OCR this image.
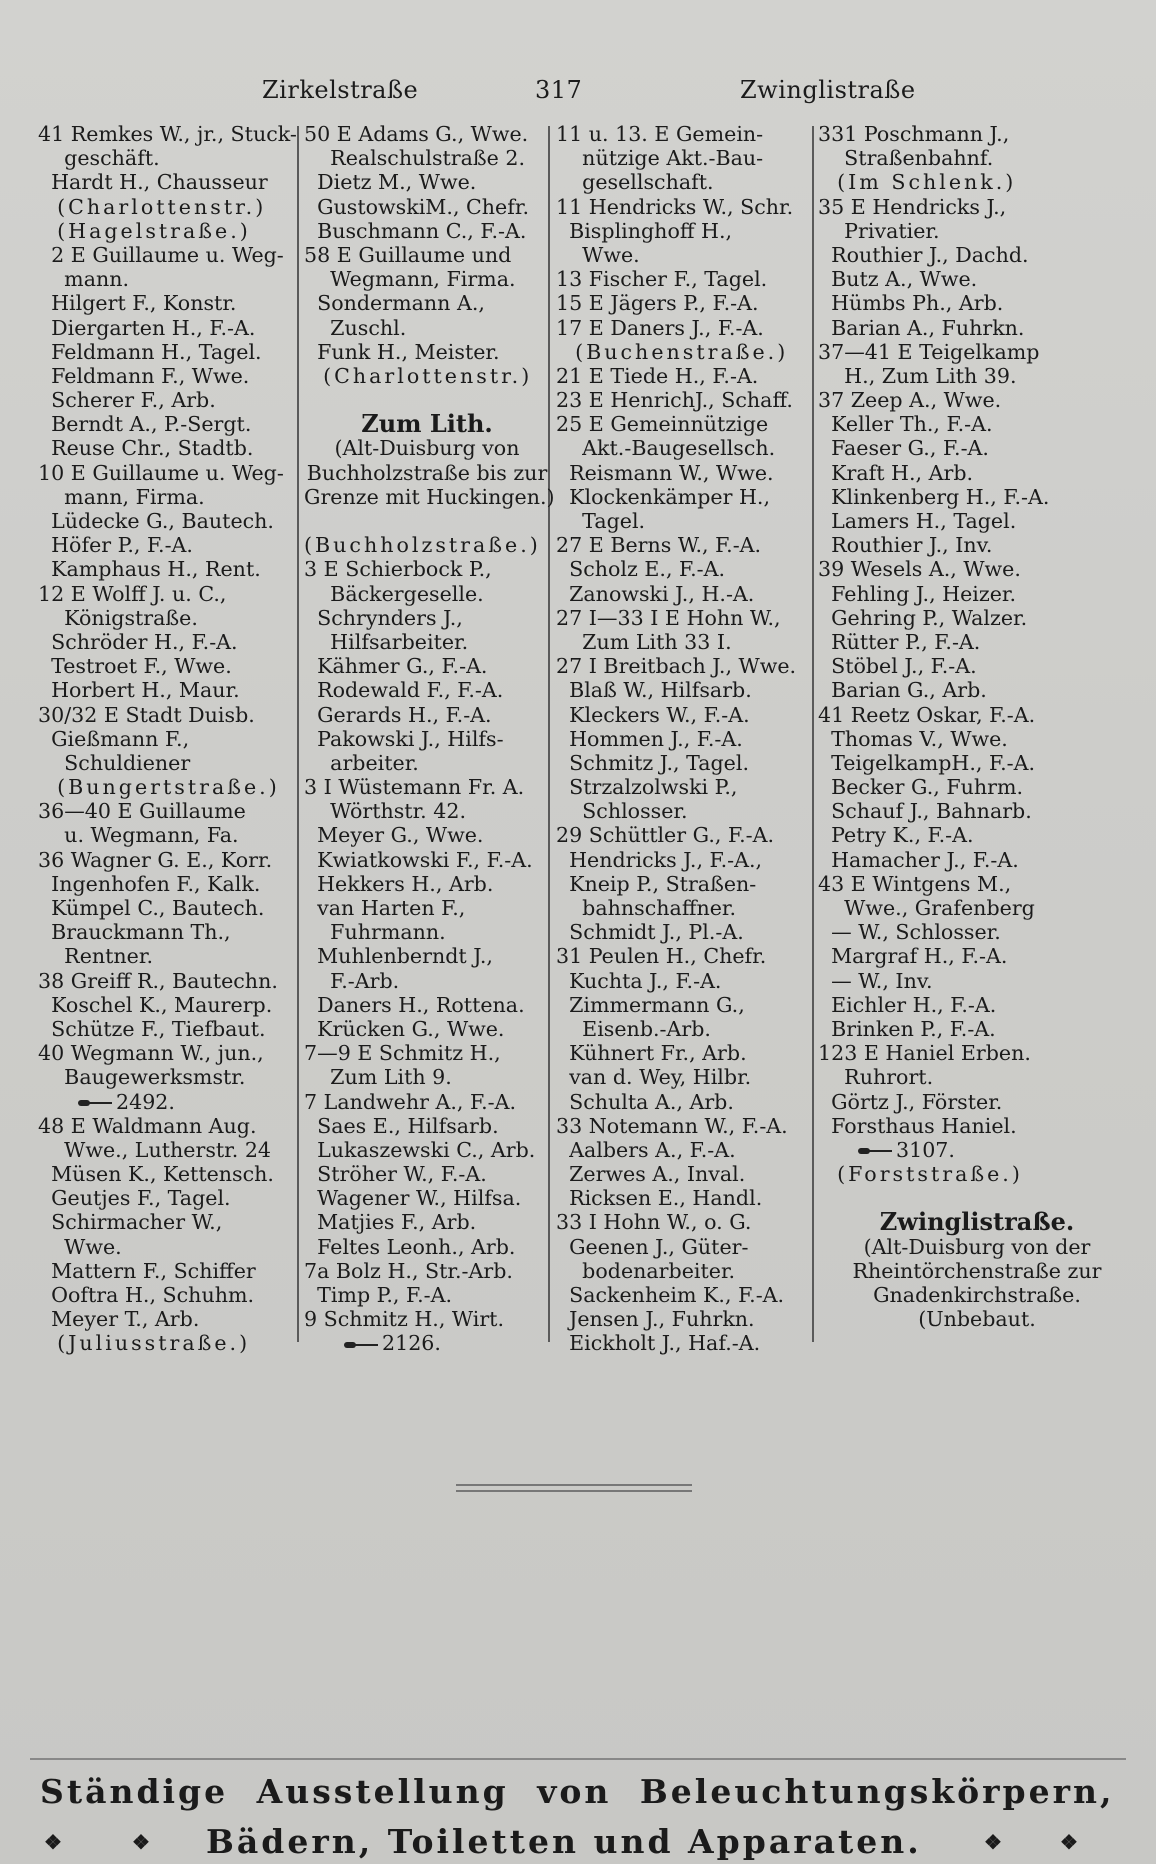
Zirkelstraße	317	Zwinglistraße
41 Remkes W., jr., Stuck-
geschäft.
Hardt H., Chausseur
(Charlottenstr.)
(Hagelstraße.)
2 E Guillaume u. Weg-
mann.
Hilgert F., Konstr.
Diergarten H., F.-A.
Feldmann H., Tagel.
Feldmann F., Wwe.
Scherer F., Arb.
Berndt A., P.-Sergt.
Reuse Chr., Stadtb.
10 E Guillaume u. Weg-
mann, Firma.
Lüdecke G., Bautech.
Höfer P., F.-A.
Kamphaus H., Rent.
12 E Wolff J. u. C.,
Königstraße.
Schröder H., F.-A.
Testroet F., Wwe.
Horbert H., Maur.
30/32 E Stadt Duisb.
Gießmann F.,
Schuldiener
(Bungertstraße.)
36—40 E Guillaume
u. Wegmann, Fa.
36 Wagner G. E., Korr.
Ingenhofen F., Kalk.
Kümpel C., Bautech.
Brauckmann Th.,
Rentner.
38 Greiff R., Bautechn.
Koschel K., Maurerp.
Schütze F., Tiefbaut.
40 Wegmann W., jun.,
Baugewerksmstr.
2492.
48 E Waldmann Aug.
Wwe., Lutherstr. 24
Müsen K., Kettensch.
Geutjes F., Tagel.
Schirmacher W.,
Wwe.
Mattern F., Schiffer
Ooftra H., Schuhm.
Meyer T., Arb.
(Juliusstraße.)
50 E Adams G., Wwe.
Realschulstraße 2.
Dietz M., Wwe.
GustowskiM., Chefr.
Buschmann C., F.-A.
58 E Guillaume und
Wegmann, Firma.
Sondermann A.,
Zuschl.
Funk H., Meister.
(Charlottenstr.)
Zum Lith.
(Alt-Duisburg von
Buchholzstraße bis zur
Grenze mit Huckingen.)
(Buchholzstraße.)
3 E Schierbock P.,
Bäckergeselle.
Schrynders J.,
Hilfsarbeiter.
Kähmer G., F.-A.
Rodewald F., F.-A.
Gerards H., F.-A.
Pakowski J., Hilfs-
arbeiter.
3 I Wüstemann Fr. A.
Wörthstr. 42.
Meyer G., Wwe.
Kwiatkowski F., F.-A.
Hekkers H., Arb.
van Harten F.,
Fuhrmann.
Muhlenberndt J.,
F.-Arb.
Daners H., Rottena.
Krücken G., Wwe.
7—9 E Schmitz H.,
Zum Lith 9.
7 Landwehr A., F.-A.
Saes E., Hilfsarb.
Lukaszewski C., Arb.
Ströher W., F.-A.
Wagener W., Hilfsa.
Matjies F., Arb.
Feltes Leonh., Arb.
7a Bolz H., Str.-Arb.
Timp P., F.-A.
9 Schmitz H., Wirt.
2126.
11 u. 13. E Gemein-
nützige Akt.-Bau-
gesellschaft.
11 Hendricks W., Schr.
Bisplinghoff H.,
Wwe.
13 Fischer F., Tagel.
15 E Jägers P., F.-A.
17 E Daners J., F.-A.
(Buchenstraße.)
21 E Tiede H., F.-A.
23 E HenrichJ., Schaff.
25 E Gemeinnützige
Akt.-Baugesellsch.
Reismann W., Wwe.
Klockenkämper H.,
Tagel.
27 E Berns W., F.-A.
Scholz E., F.-A.
Zanowski J., H.-A.
27 I—33 I E Hohn W.,
Zum Lith 33 I.
27 I Breitbach J., Wwe.
Blaß W., Hilfsarb.
Kleckers W., F.-A.
Hommen J., F.-A.
Schmitz J., Tagel.
Strzalzolwski P.,
Schlosser.
29 Schüttler G., F.-A.
Hendricks J., F.-A.,
Kneip P., Straßen-
bahnschaffner.
Schmidt J., Pl.-A.
31 Peulen H., Chefr.
Kuchta J., F.-A.
Zimmermann G.,
Eisenb.-Arb.
Kühnert Fr., Arb.
van d. Wey, Hilbr.
Schulta A., Arb.
33 Notemann W., F.-A.
Aalbers A., F.-A.
Zerwes A., Inval.
Ricksen E., Handl.
33 I Hohn W., o. G.
Geenen J., Güter-
bodenarbeiter.
Sackenheim K., F.-A.
Jensen J., Fuhrkn.
Eickholt J., Haf.-A.
331 Poschmann J.,
Straßenbahnf.
(Im Schlenk.)
35 E Hendricks J.,
Privatier.
Routhier J., Dachd.
Butz A., Wwe.
Hümbs Ph., Arb.
Barian A., Fuhrkn.
37—41 E Teigelkamp
H., Zum Lith 39.
37 Zeep A., Wwe.
Keller Th., F.-A.
Faeser G., F.-A.
Kraft H., Arb.
Klinkenberg H., F.-A.
Lamers H., Tagel.
Routhier J., Inv.
39 Wesels A., Wwe.
Fehling J., Heizer.
Gehring P., Walzer.
Rütter P., F.-A.
Stöbel J., F.-A.
Barian G., Arb.
41 Reetz Oskar, F.-A.
Thomas V., Wwe.
TeigelkampH., F.-A.
Becker G., Fuhrm.
Schauf J., Bahnarb.
Petry K., F.-A.
Hamacher J., F.-A.
43 E Wintgens M.,
Wwe., Grafenberg
— W., Schlosser.
Margraf H., F.-A.
— W., Inv.
Eichler H., F.-A.
Brinken P., F.-A.
123 E Haniel Erben.
Ruhrort.
Görtz J., Förster.
Forsthaus Haniel.
3107.
(Forststraße.)
Zwinglistraße.
(Alt-Duisburg von der
Rheintörchenstraße zur
Gnadenkirchstraße.
(Unbebaut.
Ständige Ausstellung von Beleuchtungskörpern,
❖	❖ Bädern, Toiletten und Apparaten.	❖	❖
